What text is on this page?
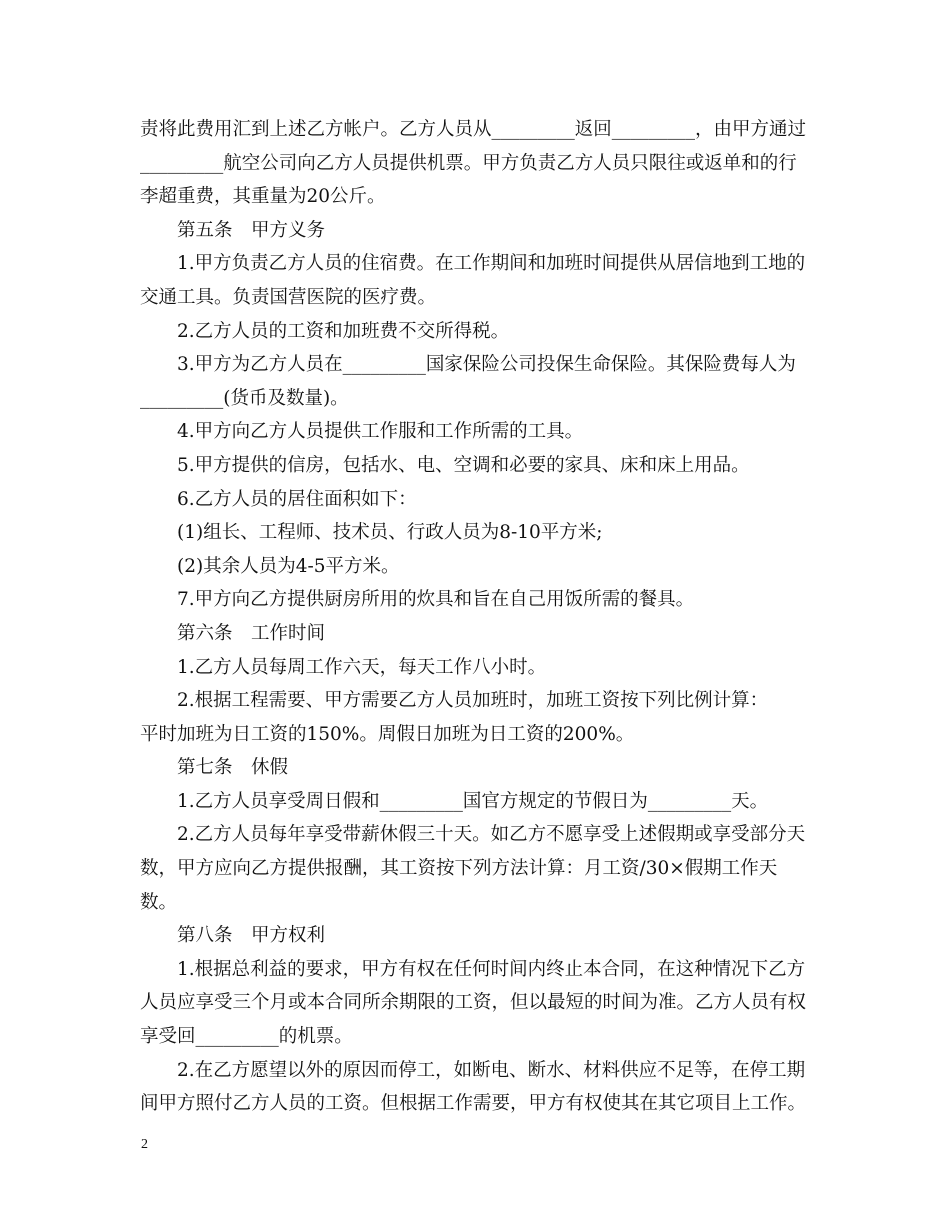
责将此费用汇到上述乙方帐户。乙方人员从_________返回_________，由甲方通过_________航空公司向乙方人员提供机票。甲方负责乙方人员只限往或返单和的行李超重费，其重量为20公斤。

第五条　甲方义务

1.甲方负责乙方人员的住宿费。在工作期间和加班时间提供从居信地到工地的交通工具。负责国营医院的医疗费。

2.乙方人员的工资和加班费不交所得税。

3.甲方为乙方人员在_________国家保险公司投保生命保险。其保险费每人为_________(货币及数量)。

4.甲方向乙方人员提供工作服和工作所需的工具。

5.甲方提供的信房，包括水、电、空调和必要的家具、床和床上用品。

6.乙方人员的居住面积如下：

(1)组长、工程师、技术员、行政人员为8-10平方米;

(2)其余人员为4-5平方米。

7.甲方向乙方提供厨房所用的炊具和旨在自己用饭所需的餐具。

第六条　工作时间

1.乙方人员每周工作六天，每天工作八小时。

2.根据工程需要、甲方需要乙方人员加班时，加班工资按下列比例计算：

平时加班为日工资的150%。周假日加班为日工资的200%。

第七条　休假

1.乙方人员享受周日假和_________国官方规定的节假日为_________天。

2.乙方人员每年享受带薪休假三十天。如乙方不愿享受上述假期或享受部分天数，甲方应向乙方提供报酬，其工资按下列方法计算：月工资/30×假期工作天数。

第八条　甲方权利

1.根据总利益的要求，甲方有权在任何时间内终止本合同，在这种情况下乙方人员应享受三个月或本合同所余期限的工资，但以最短的时间为准。乙方人员有权享受回_________的机票。

2.在乙方愿望以外的原因而停工，如断电、断水、材料供应不足等，在停工期间甲方照付乙方人员的工资。但根据工作需要，甲方有权使其在其它项目上工作。

2
